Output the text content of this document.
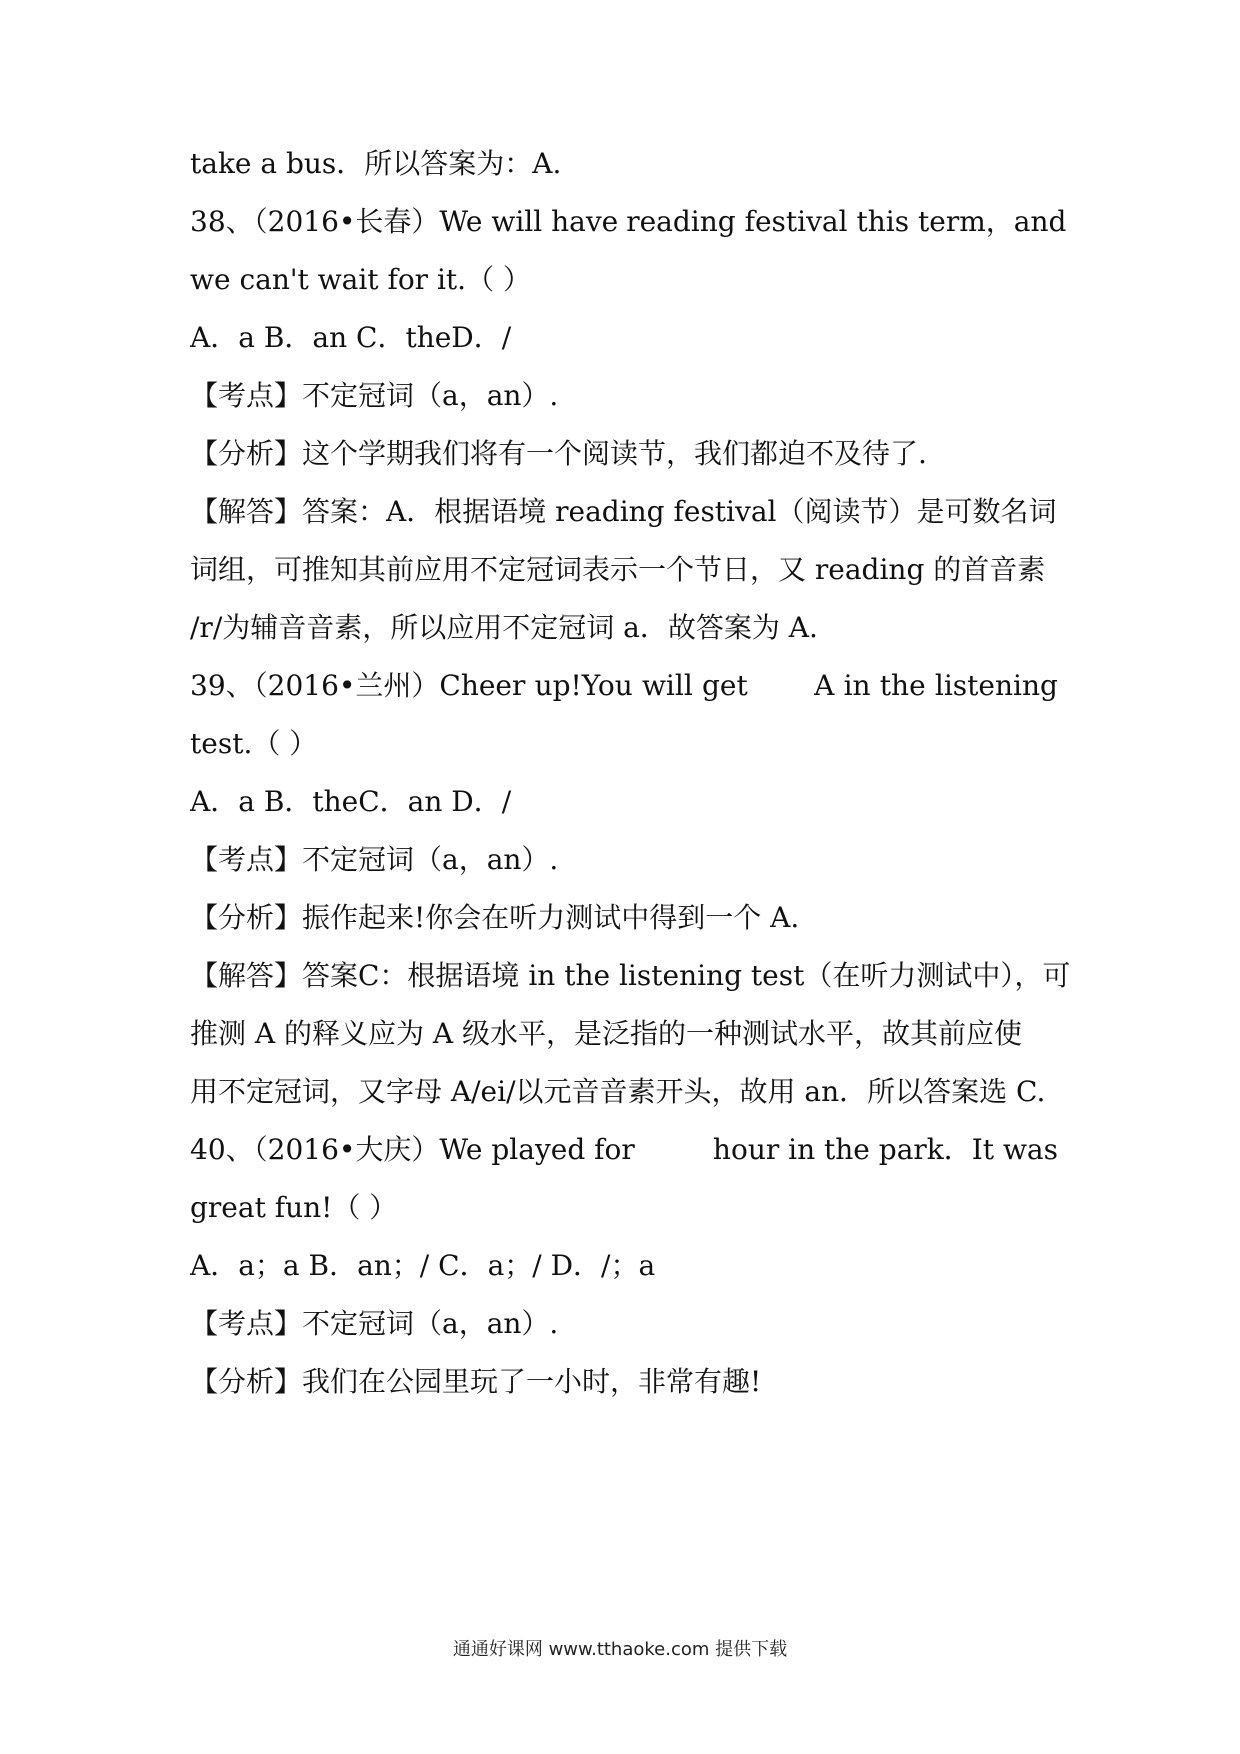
take a bus．所以答案为：A.
38、（2016•长春）We will have reading festival this term，and
we can't wait for it.（ ）
A．a B．an C．theD．/
【考点】不定冠词（a，an）.
【分析】这个学期我们将有一个阅读节，我们都迫不及待了.
【解答】答案：A．根据语境 reading festival（阅读节）是可数名词
词组，可推知其前应用不定冠词表示一个节日，又 reading 的首音素
/r/为辅音音素，所以应用不定冠词 a．故答案为 A.
39、（2016•兰州）Cheer up!You will get A in the listening
test.（ ）
A．a B．theC．an D．/
【考点】不定冠词（a，an）.
【分析】振作起来!你会在听力测试中得到一个 A.
【解答】答案C：根据语境 in the listening test（在听力测试中），可
推测 A 的释义应为 A 级水平，是泛指的一种测试水平，故其前应使
用不定冠词，又字母 A/ei/以元音音素开头，故用 an．所以答案选 C.
40、（2016•大庆）We played for	hour in the park．It was
great fun!（ ）
A．a；a B．an；/ C．a；/ D．/；a
【考点】不定冠词（a，an）.
【分析】我们在公园里玩了一小时，非常有趣!
通通好课网 www.tthaoke.com 提供下载
